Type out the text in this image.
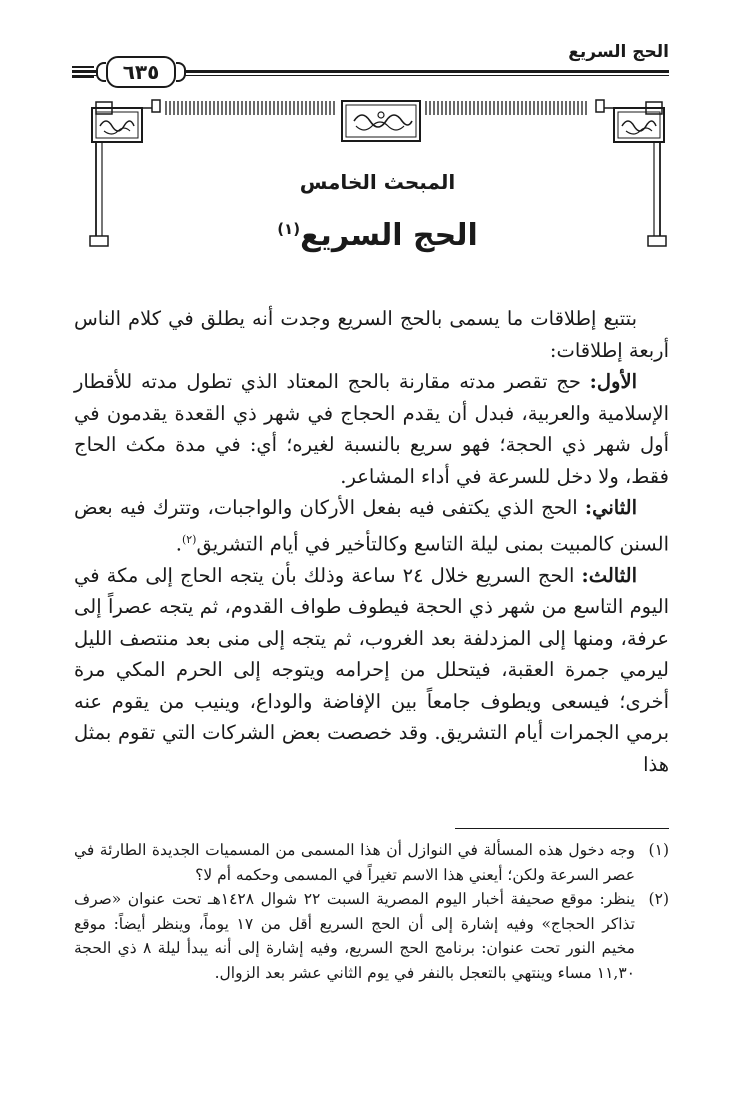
الحج السريع
٦٣٥
المبحث الخامس
الحج السريع$^{(١)}$

بتتبع إطلاقات ما يسمى بالحج السريع وجدت أنه يطلق في كلام الناس أربعة إطلاقات:

الأول: حج تقصر مدته مقارنة بالحج المعتاد الذي تطول مدته للأقطار الإسلامية والعربية، فبدل أن يقدم الحجاج في شهر ذي القعدة يقدمون في أول شهر ذي الحجة؛ فهو سريع بالنسبة لغيره؛ أي: في مدة مكث الحاج فقط، ولا دخل للسرعة في أداء المشاعر.

الثاني: الحج الذي يكتفى فيه بفعل الأركان والواجبات، وتترك فيه بعض السنن كالمبيت بمنى ليلة التاسع وكالتأخير في أيام التشريق$^{(٢)}$.

الثالث: الحج السريع خلال ٢٤ ساعة وذلك بأن يتجه الحاج إلى مكة في اليوم التاسع من شهر ذي الحجة فيطوف طواف القدوم، ثم يتجه عصراً إلى عرفة، ومنها إلى المزدلفة بعد الغروب، ثم يتجه إلى منى بعد منتصف الليل ليرمي جمرة العقبة، فيتحلل من إحرامه ويتوجه إلى الحرم المكي مرة أخرى؛ فيسعى ويطوف جامعاً بين الإفاضة والوداع، وينيب من يقوم عنه برمي الجمرات أيام التشريق. وقد خصصت بعض الشركات التي تقوم بمثل هذا

(١)
وجه دخول هذه المسألة في النوازل أن هذا المسمى من المسميات الجديدة الطارئة في عصر السرعة ولكن؛ أيعني هذا الاسم تغيراً في المسمى وحكمه أم لا؟
(٢)
ينظر: موقع صحيفة أخبار اليوم المصرية السبت ٢٢ شوال ١٤٢٨هـ تحت عنوان «صرف تذاكر الحجاج» وفيه إشارة إلى أن الحج السريع أقل من ١٧ يوماً، وينظر أيضاً: موقع مخيم النور تحت عنوان: برنامج الحج السريع، وفيه إشارة إلى أنه يبدأ ليلة ٨ ذي الحجة ١١,٣٠ مساء وينتهي بالتعجل بالنفر في يوم الثاني عشر بعد الزوال.
